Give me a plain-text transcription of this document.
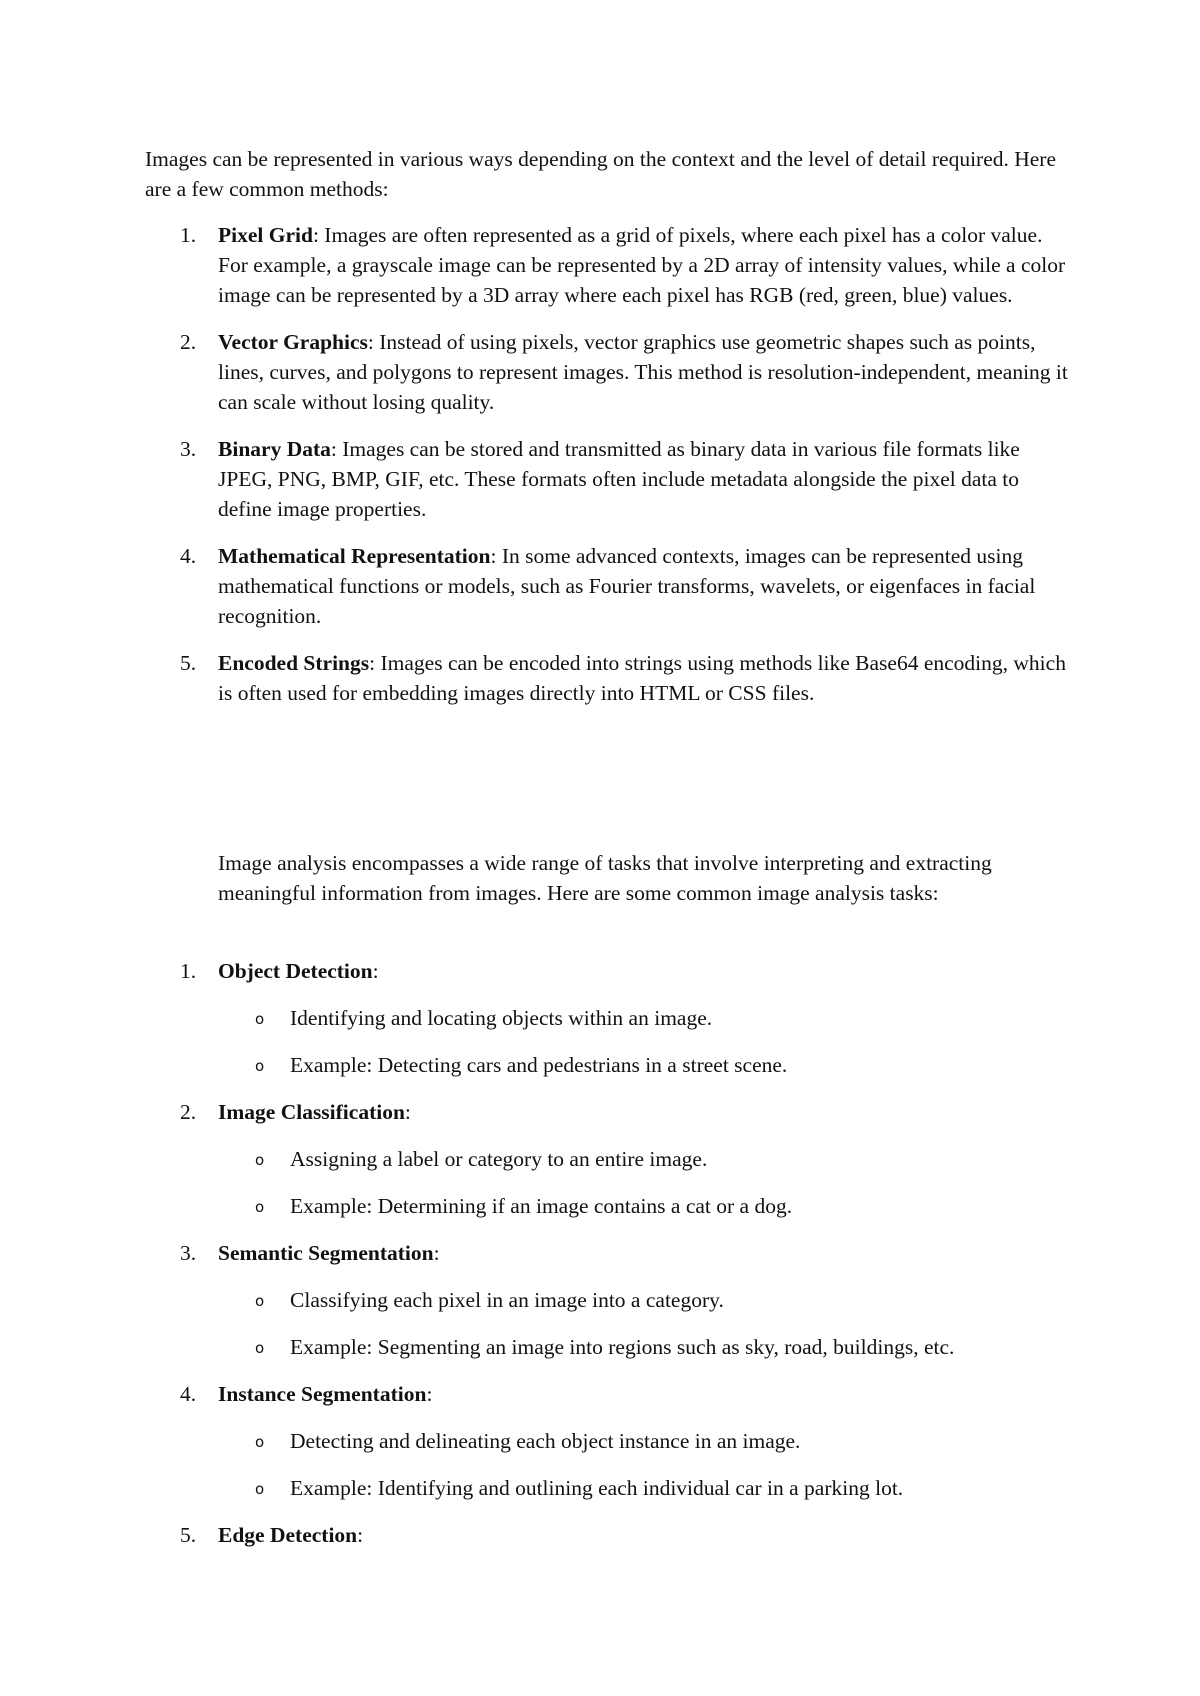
Images can be represented in various ways depending on the context and the level of detail required. Here are a few common methods:

1. Pixel Grid: Images are often represented as a grid of pixels, where each pixel has a color value. For example, a grayscale image can be represented by a 2D array of intensity values, while a color image can be represented by a 3D array where each pixel has RGB (red, green, blue) values.
2. Vector Graphics: Instead of using pixels, vector graphics use geometric shapes such as points, lines, curves, and polygons to represent images. This method is resolution-independent, meaning it can scale without losing quality.
3. Binary Data: Images can be stored and transmitted as binary data in various file formats like JPEG, PNG, BMP, GIF, etc. These formats often include metadata alongside the pixel data to define image properties.
4. Mathematical Representation: In some advanced contexts, images can be represented using mathematical functions or models, such as Fourier transforms, wavelets, or eigenfaces in facial recognition.
5. Encoded Strings: Images can be encoded into strings using methods like Base64 encoding, which is often used for embedding images directly into HTML or CSS files.

Image analysis encompasses a wide range of tasks that involve interpreting and extracting meaningful information from images. Here are some common image analysis tasks:

1. Object Detection:
o Identifying and locating objects within an image.
o Example: Detecting cars and pedestrians in a street scene.
2. Image Classification:
o Assigning a label or category to an entire image.
o Example: Determining if an image contains a cat or a dog.
3. Semantic Segmentation:
o Classifying each pixel in an image into a category.
o Example: Segmenting an image into regions such as sky, road, buildings, etc.
4. Instance Segmentation:
o Detecting and delineating each object instance in an image.
o Example: Identifying and outlining each individual car in a parking lot.
5. Edge Detection:
